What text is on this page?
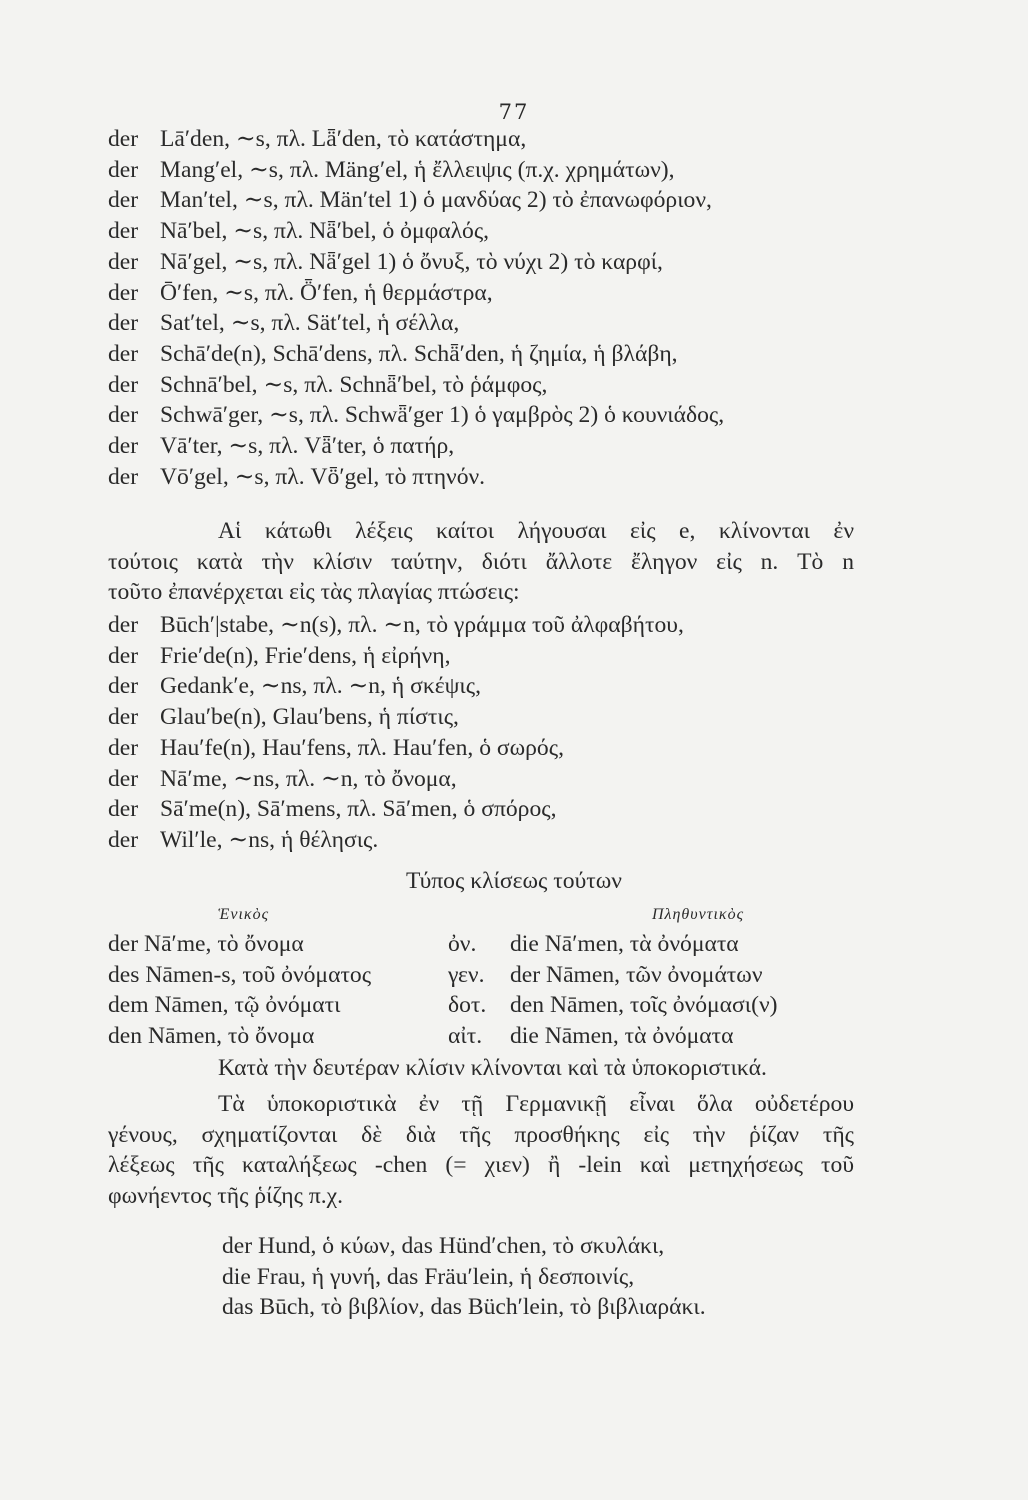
77
der Lā′den, ∼s, πλ. Lǟ′den, τὸ κατάστημα,
der Mang′el, ∼s, πλ. Mäng′el, ἡ ἔλλειψις (π.χ. χρημάτων),
der Man′tel, ∼s, πλ. Män′tel 1) ὁ μανδύας 2) τὸ ἐπανωφόριον,
der Nā′bel, ∼s, πλ. Nǟ′bel, ὁ ὀμφαλός,
der Nā′gel, ∼s, πλ. Nǟ′gel 1) ὁ ὄνυξ, τὸ νύχι 2) τὸ καρφί,
der Ō′fen, ∼s, πλ. Ȫ′fen, ἡ θερμάστρα,
der Sat′tel, ∼s, πλ. Sät′tel, ἡ σέλλα,
der Schā′de(n), Schā′dens, πλ. Schǟ′den, ἡ ζημία, ἡ βλάβη,
der Schnā′bel, ∼s, πλ. Schnǟ′bel, τὸ ῥάμφος,
der Schwā′ger, ∼s, πλ. Schwǟ′ger 1) ὁ γαμβρὸς 2) ὁ κουνιάδος,
der Vā′ter, ∼s, πλ. Vǟ′ter, ὁ πατήρ,
der Vō′gel, ∼s, πλ. Vȫ′gel, τὸ πτηνόν.
Αἱ κάτωθι λέξεις καίτοι λήγουσαι εἰς e, κλίνονται ἐν
τούτοις κατὰ τὴν κλίσιν ταύτην, διότι ἄλλοτε ἔληγον εἰς n. Τὸ n
τοῦτο ἐπανέρχεται εἰς τὰς πλαγίας πτώσεις:
der Būch′|stabe, ∼n(s), πλ. ∼n, τὸ γράμμα τοῦ ἀλφαβήτου,
der Frie′de(n), Frie′dens, ἡ εἰρήνη,
der Gedank′e, ∼ns, πλ. ∼n, ἡ σκέψις,
der Glau′be(n), Glau′bens, ἡ πίστις,
der Hau′fe(n), Hau′fens, πλ. Hau′fen, ὁ σωρός,
der Nā′me, ∼ns, πλ. ∼n, τὸ ὄνομα,
der Sā′me(n), Sā′mens, πλ. Sā′men, ὁ σπόρος,
der Wil′le, ∼ns, ἡ θέλησις.
Τύπος κλίσεως τούτων
Ἑνικὸς	Πληθυντικὸς
der Nā′me, τὸ ὄνομα
des Nāmen-s, τοῦ ὀνόματος
dem Nāmen, τῷ ὀνόματι
den Nāmen, τὸ ὄνομα
ὀν. die Nā′men, τὰ ὀνόματα
γεν. der Nāmen, τῶν ὀνομάτων
δοτ. den Nāmen, τοῖς ὀνόμασι(ν)
αἰτ. die Nāmen, τὰ ὀνόματα
Κατὰ τὴν δευτέραν κλίσιν κλίνονται καὶ τὰ ὑποκοριστικά.
Τὰ ὑποκοριστικὰ ἐν τῇ Γερμανικῇ εἶναι ὅλα οὐδετέρου
γένους, σχηματίζονται δὲ διὰ τῆς προσθήκης εἰς τὴν ῥίζαν τῆς
λέξεως τῆς καταλήξεως -chen (= χιεν) ἢ -lein καὶ μετηχήσεως τοῦ
φωνήεντος τῆς ῥίζης π.χ.
der Hund, ὁ κύων, das Hünd′chen, τὸ σκυλάκι,
die Frau, ἡ γυνή, das Fräu′lein, ἡ δεσποινίς,
das Būch, τὸ βιβλίον, das Büch′lein, τὸ βιβλιαράκι.
